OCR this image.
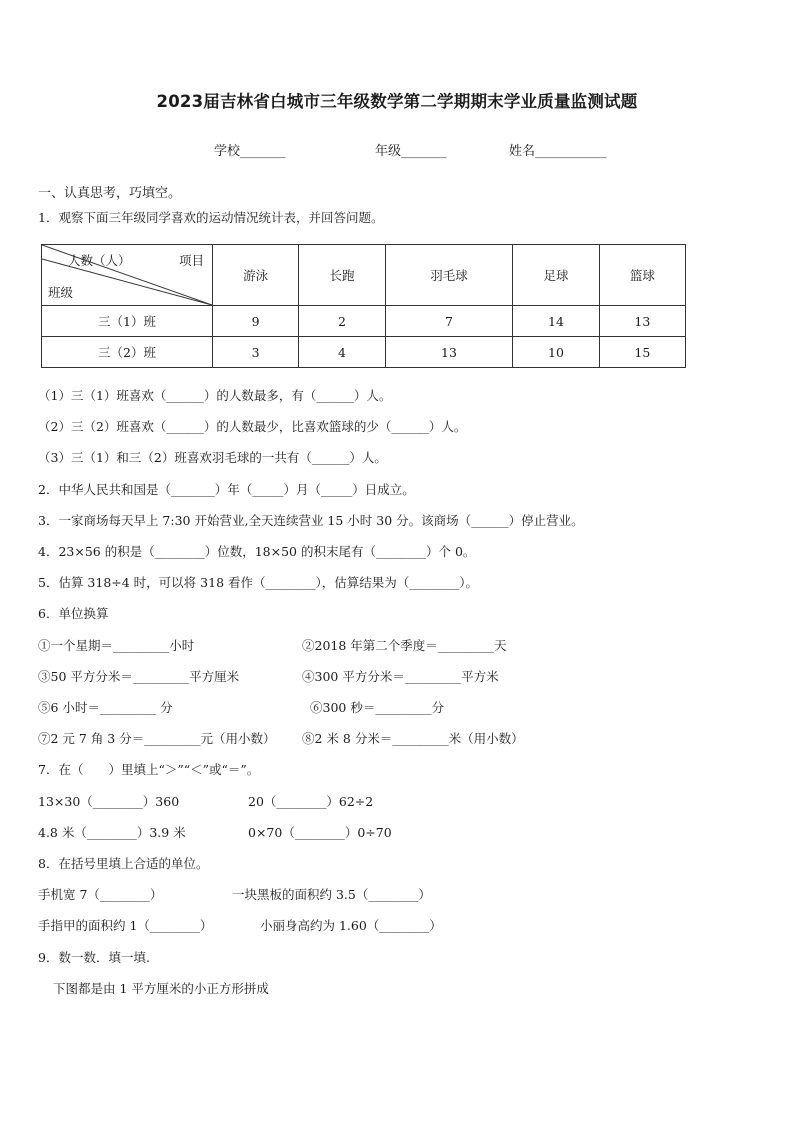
2023届吉林省白城市三年级数学第二学期期末学业质量监测试题
学校_______	年级_______	姓名___________
一、认真思考，巧填空。
1．观察下面三年级同学喜欢的运动情况统计表，并回答问题。
人数（人） 项目
班级	游泳	长跑	羽毛球	足球	篮球
三（1）班	9	2	7	14	13
三（2）班	3	4	13	10	15
（1）三（1）班喜欢（______）的人数最多，有（______）人。
（2）三（2）班喜欢（______）的人数最少，比喜欢篮球的少（______）人。
（3）三（1）和三（2）班喜欢羽毛球的一共有（______）人。
2．中华人民共和国是（_______）年（_____）月（_____）日成立。
3．一家商场每天早上 7:30 开始营业,全天连续营业 15 小时 30 分。该商场（______）停止营业。
4．23×56 的积是（________）位数，18×50 的积末尾有（________）个 0。
5．估算 318÷4 时，可以将 318 看作（________），估算结果为（________）。
6．单位换算
①一个星期＝_________小时	②2018 年第二个季度＝_________天
③50 平方分米＝_________平方厘米	④300 平方分米＝_________平方米
⑤6 小时＝_________ 分	⑥300 秒＝_________分
⑦2 元 7 角 3 分＝_________元（用小数） ⑧2 米 8 分米＝_________米（用小数）
7．在（　　）里填上“＞”“＜”或“＝”。
13×30（________）360	20（________）62÷2
4.8 米（________）3.9 米	0×70（________）0÷70
8．在括号里填上合适的单位。
手机宽 7（________）	一块黑板的面积约 3.5（________）
手指甲的面积约 1（________）	小丽身高约为 1.60（________）
9．数一数．填一填.
下图都是由 1 平方厘米的小正方形拼成
